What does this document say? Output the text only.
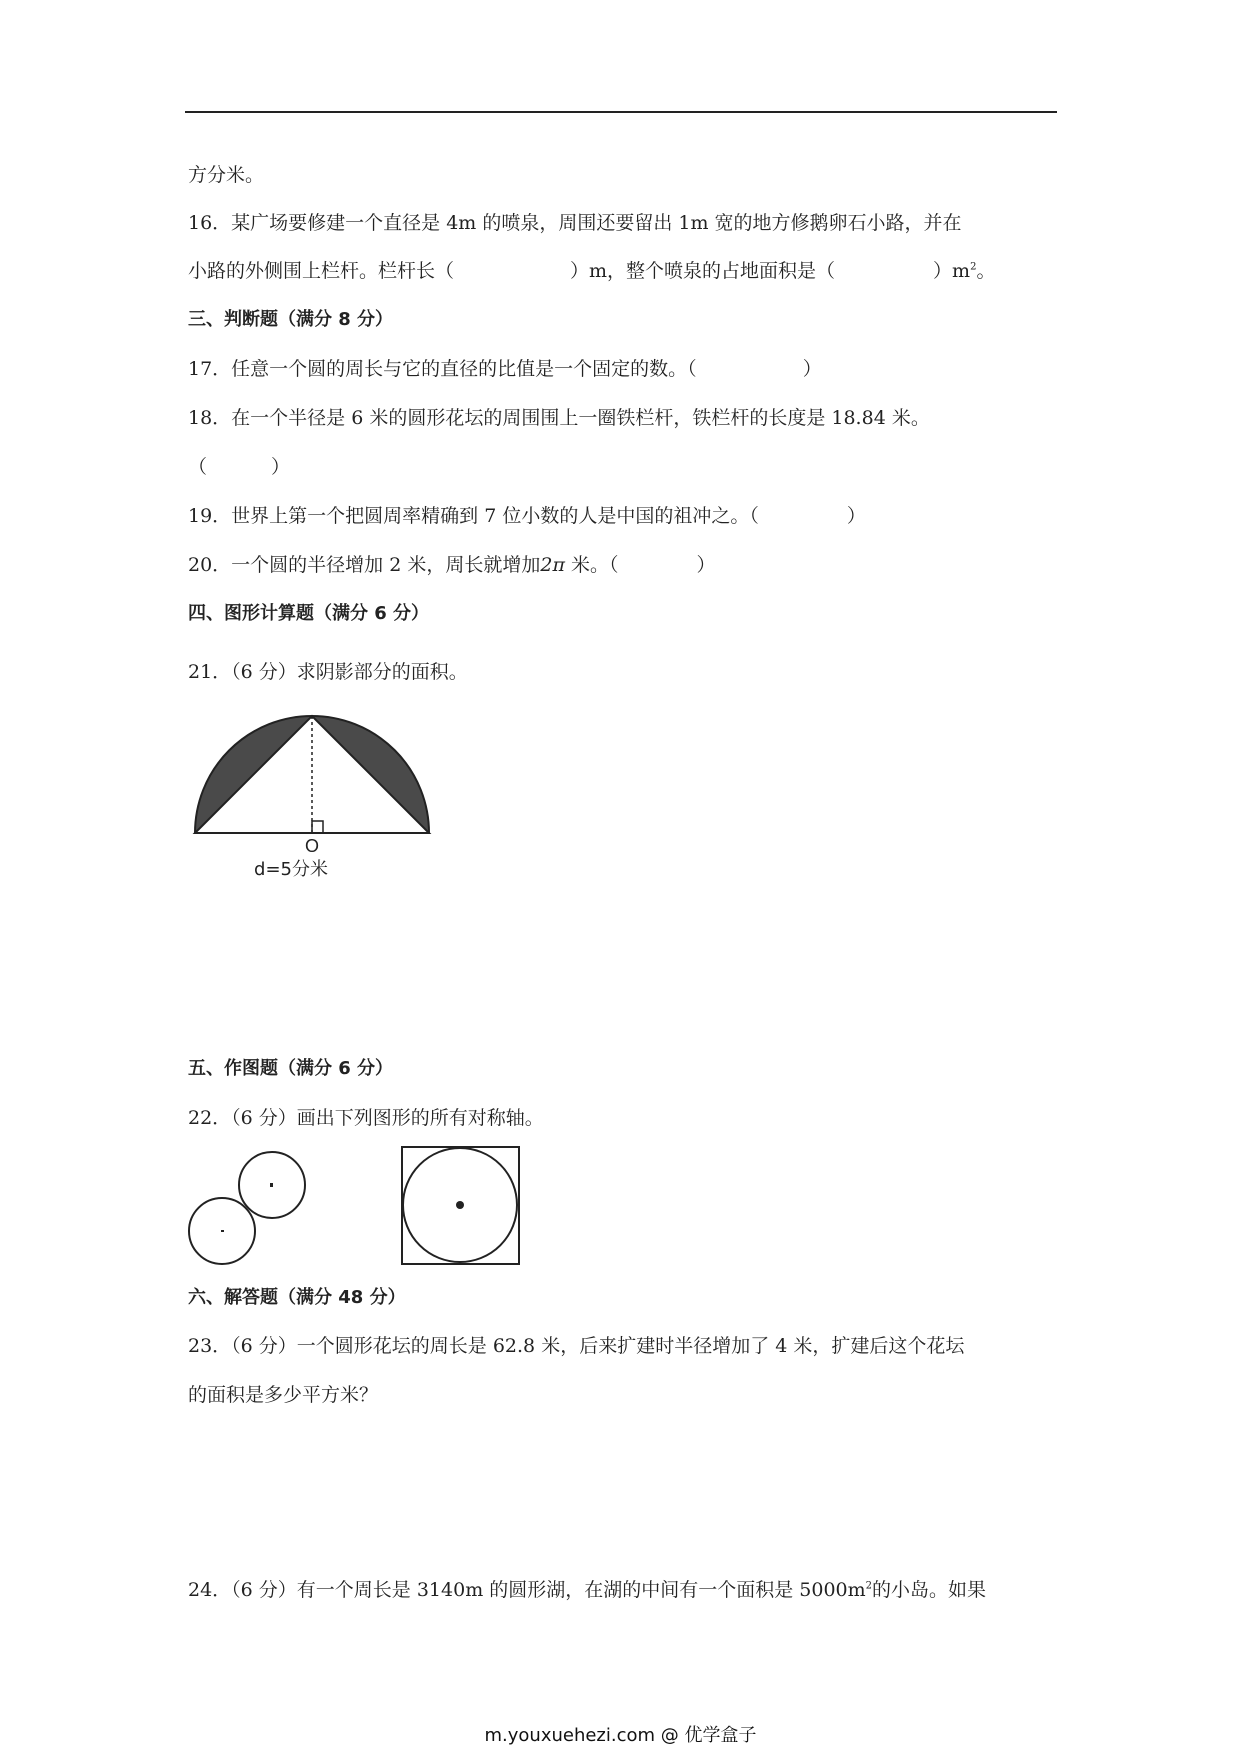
方分米。
16．某广场要修建一个直径是 4m 的喷泉，周围还要留出 1m 宽的地方修鹅卵石小路，并在
小路的外侧围上栏杆。栏杆长（	）m，整个喷泉的占地面积是（	）$m^2$。
三、判断题（满分 8 分）
17．任意一个圆的周长与它的直径的比值是一个固定的数。（	）
18．在一个半径是 6 米的圆形花坛的周围围上一圈铁栏杆，铁栏杆的长度是 18.84 米。
（	）
19．世界上第一个把圆周率精确到 7 位小数的人是中国的祖冲之。（	）
20．一个圆的半径增加 2 米，周长就增加2π 米。（	）
四、图形计算题（满分 6 分）
21．（6 分）求阴影部分的面积。
O
d=5分米
五、作图题（满分 6 分）
22．（6 分）画出下列图形的所有对称轴。
六、解答题（满分 48 分）
23．（6 分）一个圆形花坛的周长是 62.8 米，后来扩建时半径增加了 4 米，扩建后这个花坛
的面积是多少平方米？
24．（6 分）有一个周长是 3140m 的圆形湖，在湖的中间有一个面积是 $5000m^2$的小岛。如果
m.youxuehezi.com @ 优学盒子
